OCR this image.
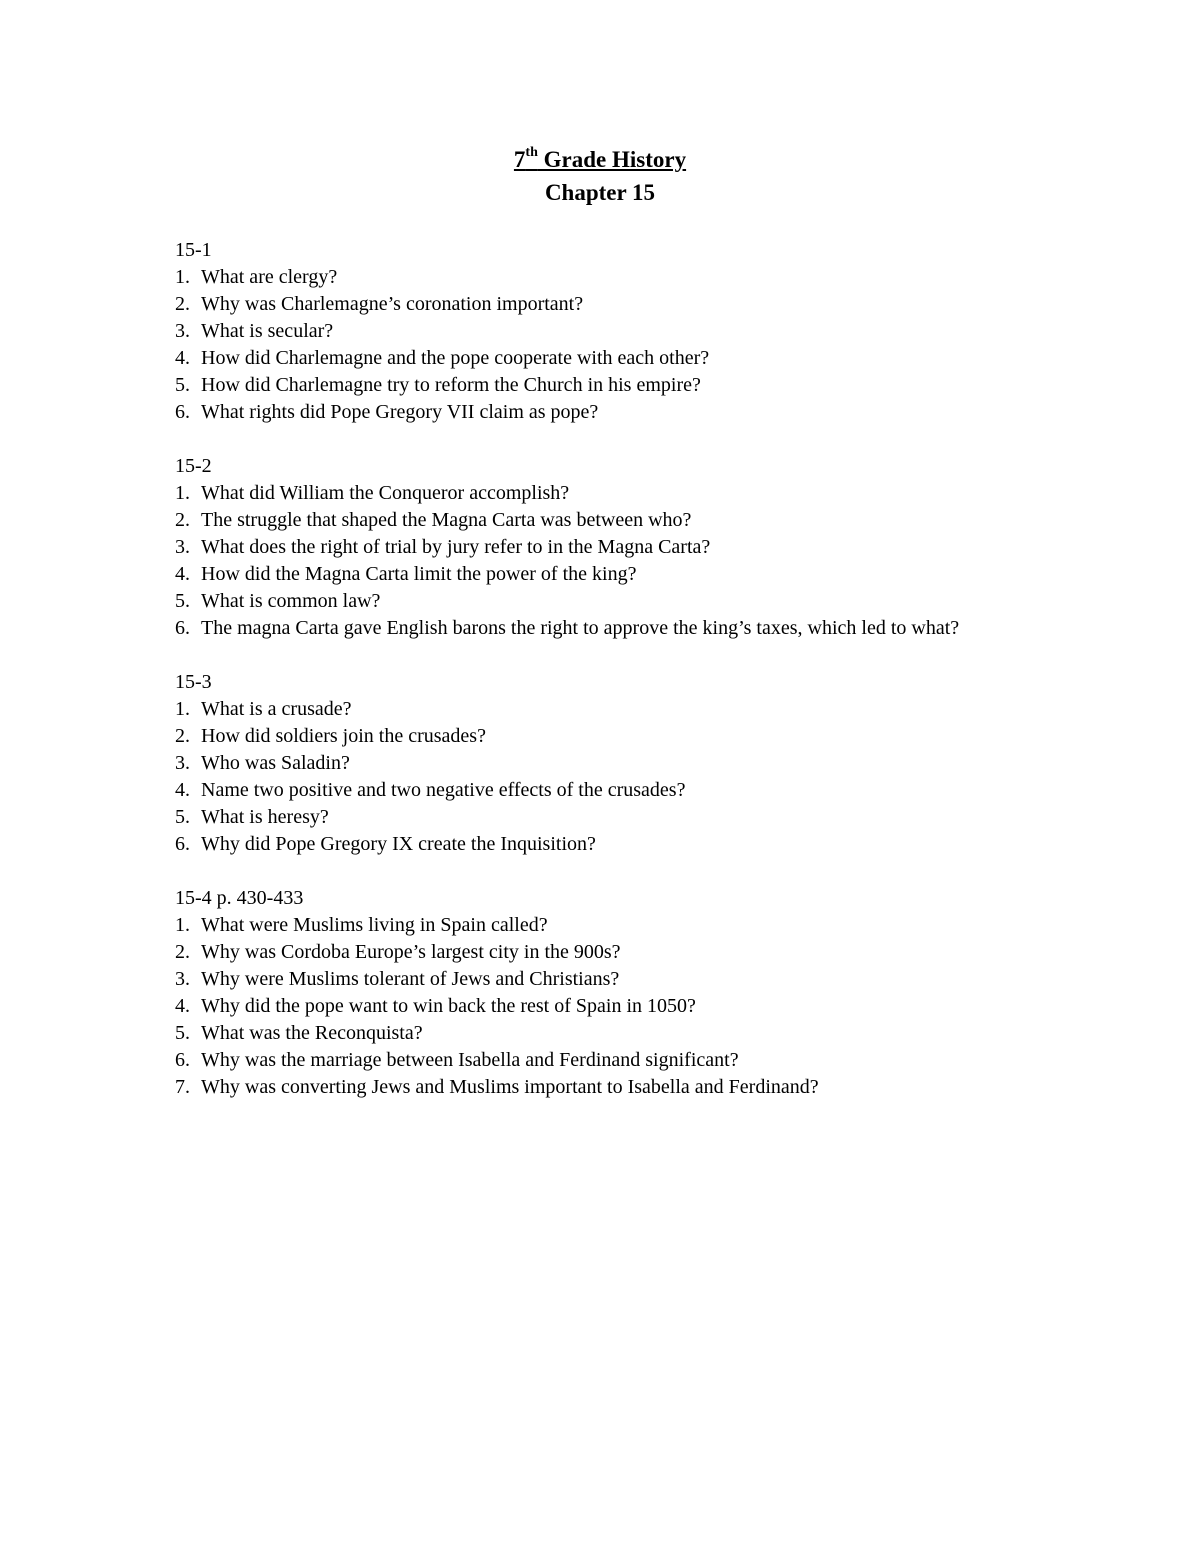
7th Grade History
Chapter 15
15-1
1. What are clergy?
2. Why was Charlemagne’s coronation important?
3. What is secular?
4. How did Charlemagne and the pope cooperate with each other?
5. How did Charlemagne try to reform the Church in his empire?
6. What rights did Pope Gregory VII claim as pope?
15-2
1. What did William the Conqueror accomplish?
2. The struggle that shaped the Magna Carta was between who?
3. What does the right of trial by jury refer to in the Magna Carta?
4. How did the Magna Carta limit the power of the king?
5. What is common law?
6. The magna Carta gave English barons the right to approve the king’s taxes, which led to what?
15-3
1. What is a crusade?
2. How did soldiers join the crusades?
3. Who was Saladin?
4. Name two positive and two negative effects of the crusades?
5. What is heresy?
6. Why did Pope Gregory IX create the Inquisition?
15-4 p. 430-433
1. What were Muslims living in Spain called?
2. Why was Cordoba Europe’s largest city in the 900s?
3. Why were Muslims tolerant of Jews and Christians?
4. Why did the pope want to win back the rest of Spain in 1050?
5. What was the Reconquista?
6. Why was the marriage between Isabella and Ferdinand significant?
7. Why was converting Jews and Muslims important to Isabella and Ferdinand?
